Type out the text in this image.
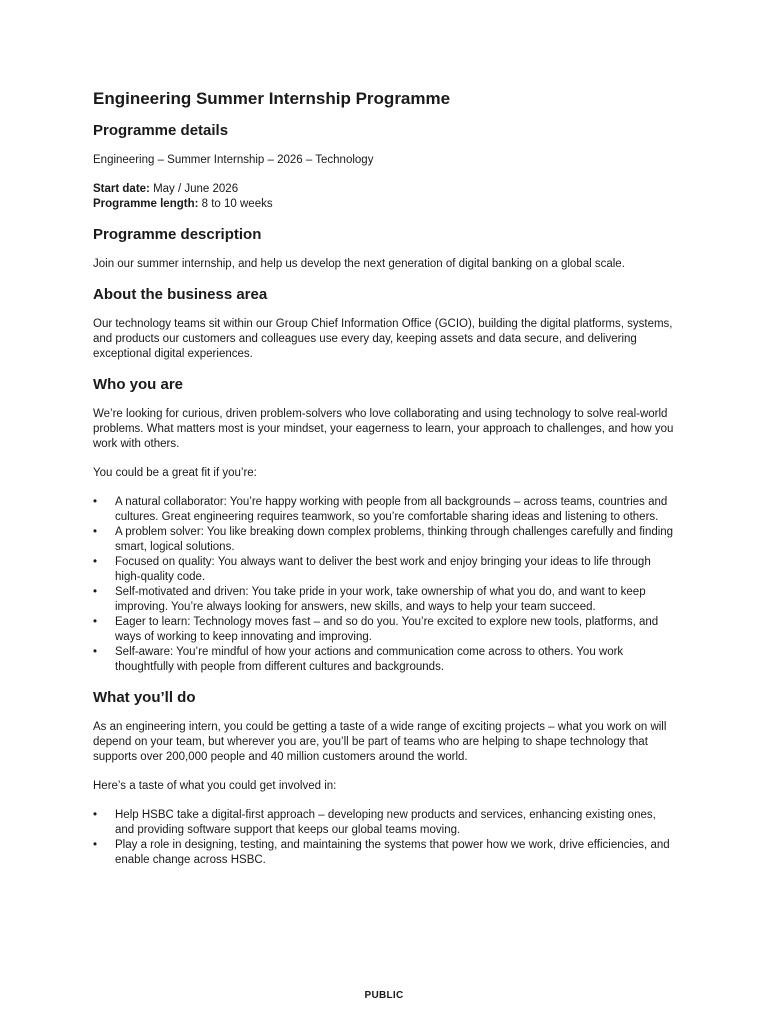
Engineering Summer Internship Programme
Programme details

Engineering – Summer Internship – 2026 – Technology

Start date: May / June 2026

Programme length: 8 to 10 weeks

Programme description

Join our summer internship, and help us develop the next generation of digital banking on a global scale.

About the business area

Our technology teams sit within our Group Chief Information Office (GCIO), building the digital platforms, systems, and products our customers and colleagues use every day, keeping assets and data secure, and delivering exceptional digital experiences.

Who you are

We’re looking for curious, driven problem-solvers who love collaborating and using technology to solve real-world problems. What matters most is your mindset, your eagerness to learn, your approach to challenges, and how you work with others.

You could be a great fit if you’re:

•	A natural collaborator: You’re happy working with people from all backgrounds – across teams, countries and cultures. Great engineering requires teamwork, so you’re comfortable sharing ideas and listening to others.
•	A problem solver: You like breaking down complex problems, thinking through challenges carefully and finding smart, logical solutions.
•	Focused on quality: You always want to deliver the best work and enjoy bringing your ideas to life through high-quality code.
•	Self-motivated and driven: You take pride in your work, take ownership of what you do, and want to keep improving. You’re always looking for answers, new skills, and ways to help your team succeed.
•	Eager to learn: Technology moves fast – and so do you. You’re excited to explore new tools, platforms, and ways of working to keep innovating and improving.
•	Self-aware: You’re mindful of how your actions and communication come across to others. You work thoughtfully with people from different cultures and backgrounds.
What you’ll do

As an engineering intern, you could be getting a taste of a wide range of exciting projects – what you work on will depend on your team, but wherever you are, you’ll be part of teams who are helping to shape technology that supports over 200,000 people and 40 million customers around the world.

Here’s a taste of what you could get involved in:

•	Help HSBC take a digital-first approach – developing new products and services, enhancing existing ones, and providing software support that keeps our global teams moving.
•	Play a role in designing, testing, and maintaining the systems that power how we work, drive efficiencies, and enable change across HSBC.
PUBLIC
